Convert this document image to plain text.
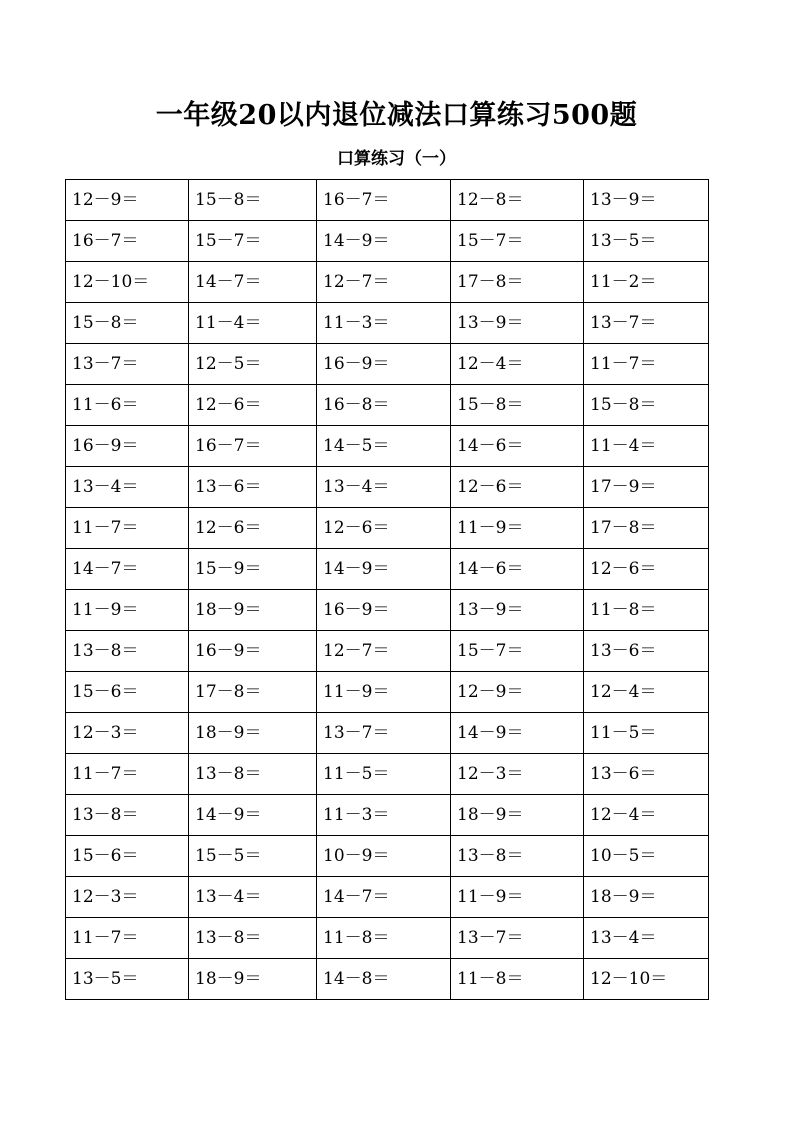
一年级20以内退位减法口算练习500题
口算练习（一）
12－9＝	15－8＝	16－7＝	12－8＝	13－9＝
16－7＝	15－7＝	14－9＝	15－7＝	13－5＝
12－10＝	14－7＝	12－7＝	17－8＝	11－2＝
15－8＝	11－4＝	11－3＝	13－9＝	13－7＝
13－7＝	12－5＝	16－9＝	12－4＝	11－7＝
11－6＝	12－6＝	16－8＝	15－8＝	15－8＝
16－9＝	16－7＝	14－5＝	14－6＝	11－4＝
13－4＝	13－6＝	13－4＝	12－6＝	17－9＝
11－7＝	12－6＝	12－6＝	11－9＝	17－8＝
14－7＝	15－9＝	14－9＝	14－6＝	12－6＝
11－9＝	18－9＝	16－9＝	13－9＝	11－8＝
13－8＝	16－9＝	12－7＝	15－7＝	13－6＝
15－6＝	17－8＝	11－9＝	12－9＝	12－4＝
12－3＝	18－9＝	13－7＝	14－9＝	11－5＝
11－7＝	13－8＝	11－5＝	12－3＝	13－6＝
13－8＝	14－9＝	11－3＝	18－9＝	12－4＝
15－6＝	15－5＝	10－9＝	13－8＝	10－5＝
12－3＝	13－4＝	14－7＝	11－9＝	18－9＝
11－7＝	13－8＝	11－8＝	13－7＝	13－4＝
13－5＝	18－9＝	14－8＝	11－8＝	12－10＝
